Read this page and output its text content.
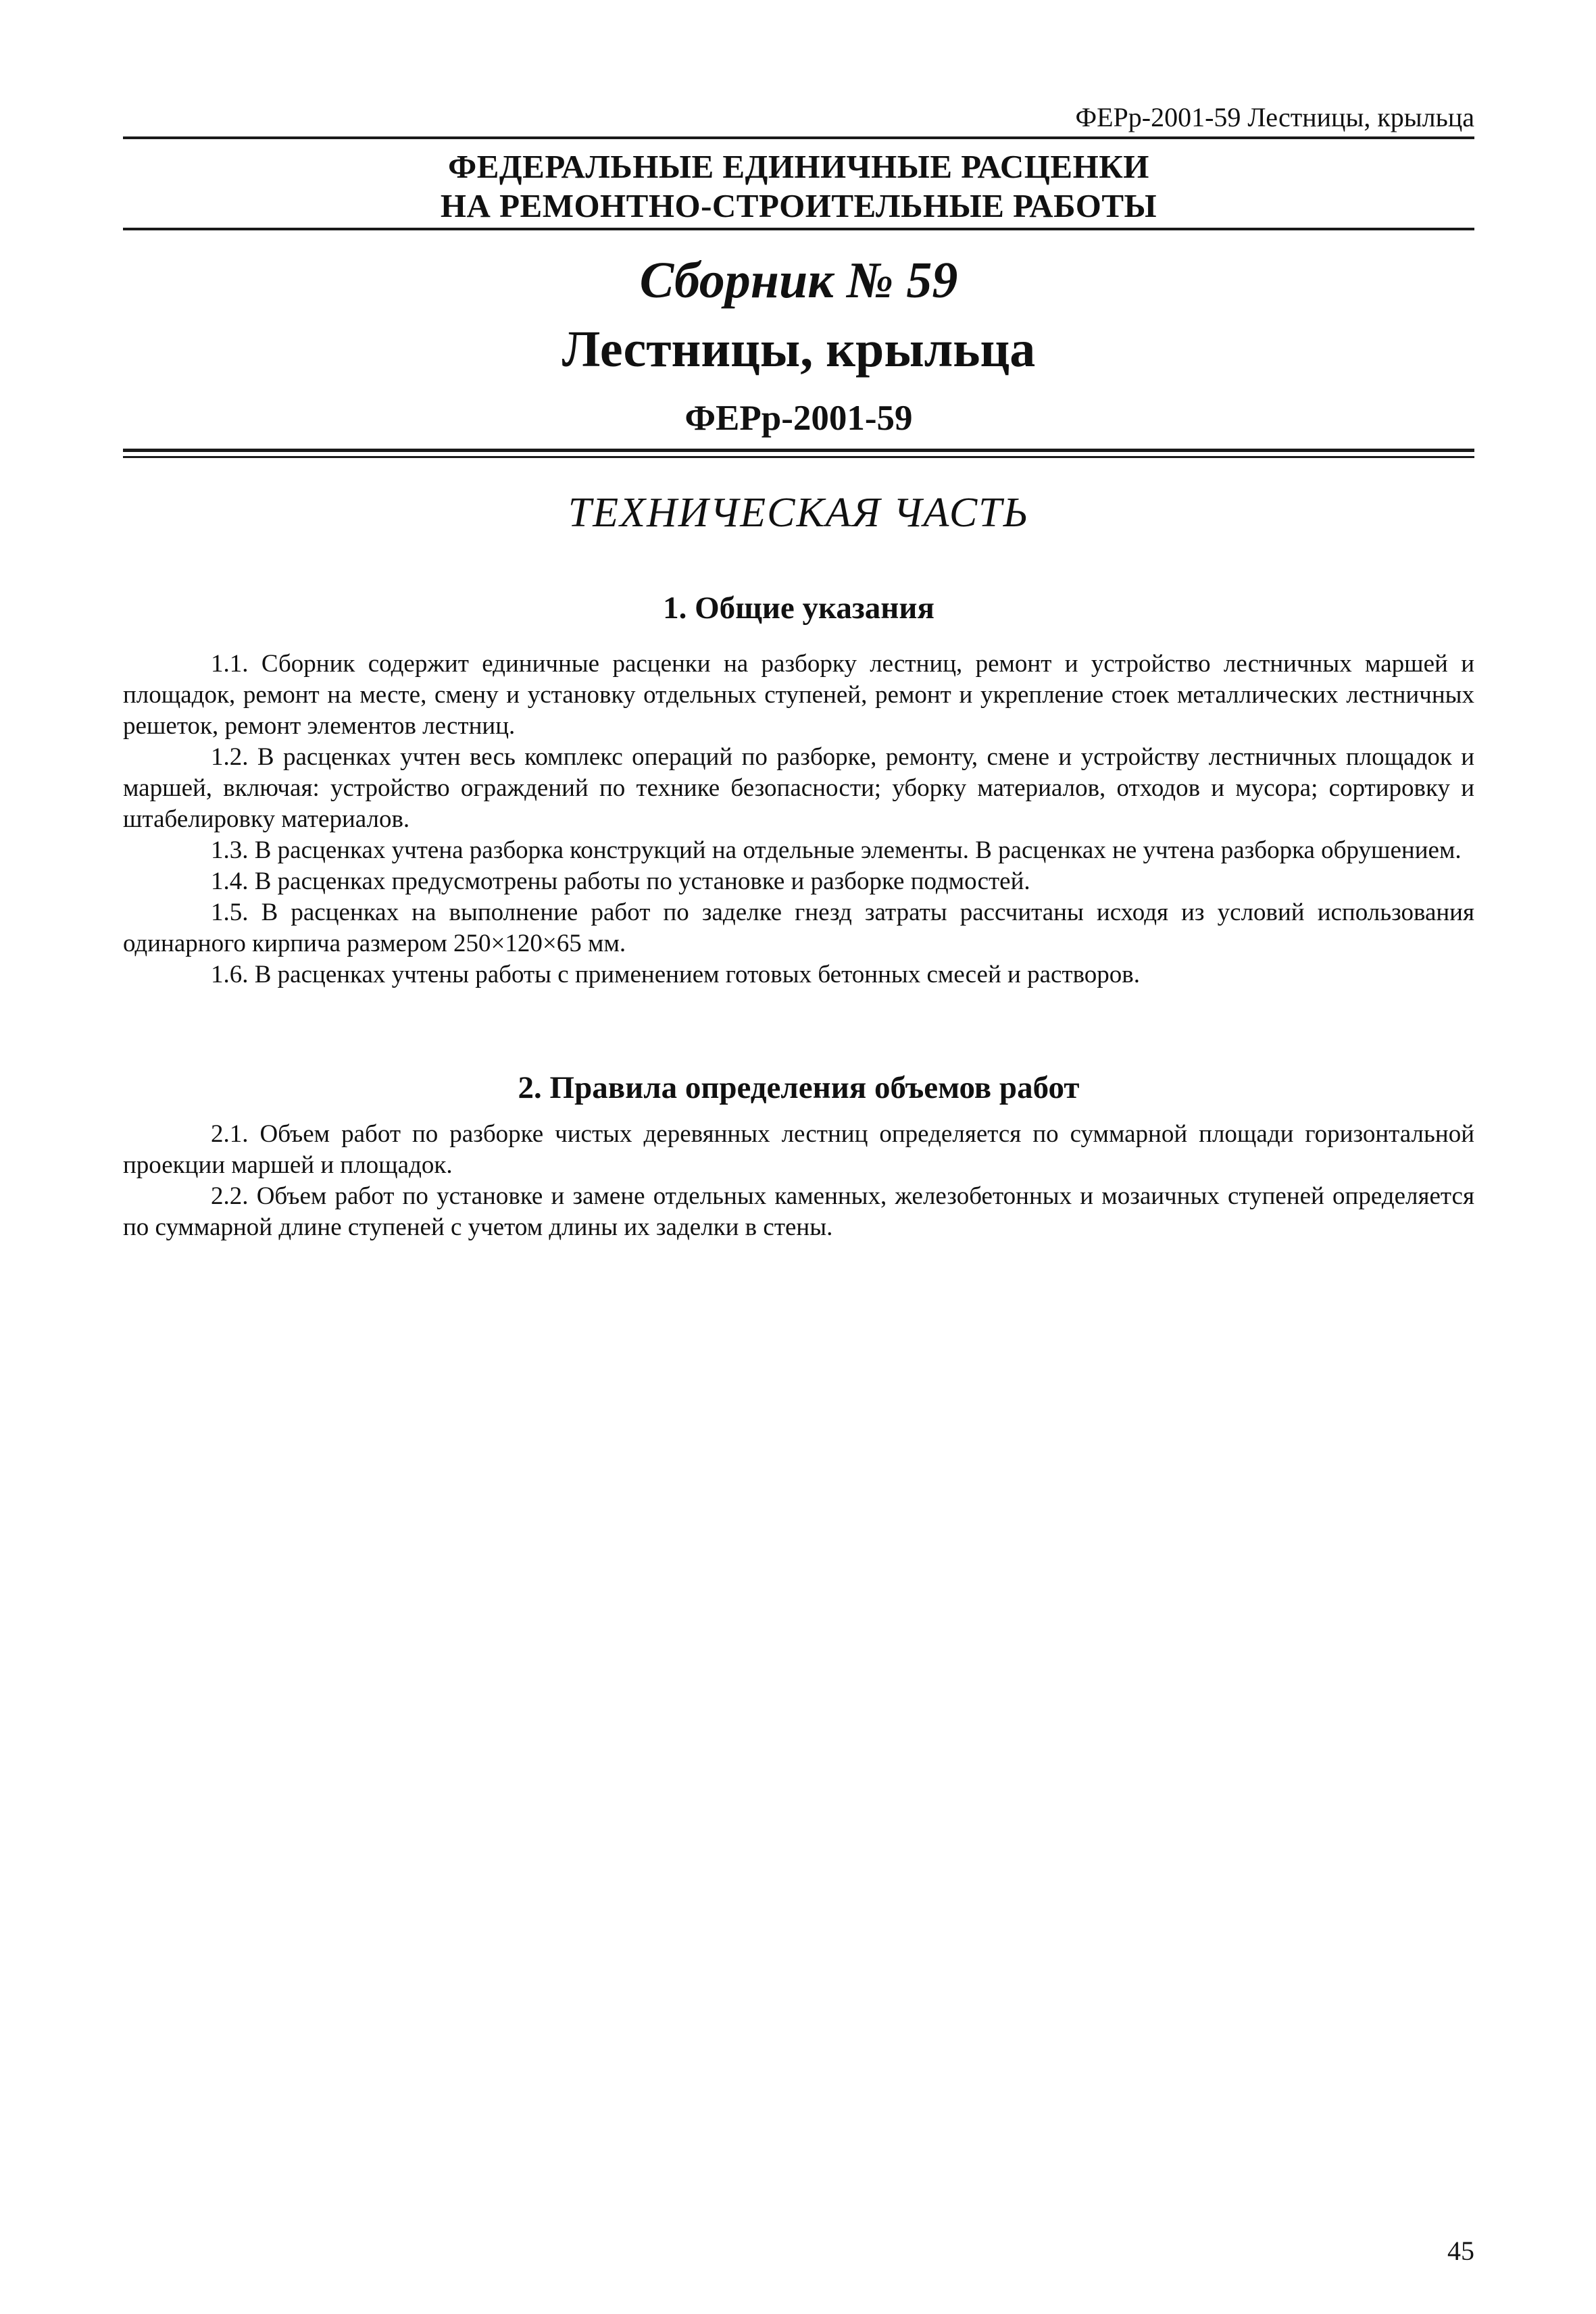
ФЕРр-2001-59 Лестницы, крыльца
ФЕДЕРАЛЬНЫЕ ЕДИНИЧНЫЕ РАСЦЕНКИ
НА РЕМОНТНО-СТРОИТЕЛЬНЫЕ РАБОТЫ
Сборник № 59
Лестницы, крыльца
ФЕРр-2001-59
ТЕХНИЧЕСКАЯ ЧАСТЬ
1. Общие указания

1.1. Сборник содержит единичные расценки на разборку лестниц, ремонт и устройство лестничных маршей и площадок, ремонт на месте, смену и установку отдельных ступеней, ремонт и укрепление стоек металлических лестничных решеток, ремонт элементов лестниц.

1.2. В расценках учтен весь комплекс операций по разборке, ремонту, смене и устройству лестничных площадок и маршей, включая: устройство ограждений по технике безопасности; уборку материалов, отходов и мусора; сортировку и штабелировку материалов.

1.3. В расценках учтена разборка конструкций на отдельные элементы. В расценках не учтена разборка обрушением.

1.4. В расценках предусмотрены работы по установке и разборке подмостей.

1.5. В расценках на выполнение работ по заделке гнезд затраты рассчитаны исходя из условий использования одинарного кирпича размером 250×120×65 мм.

1.6. В расценках учтены работы с применением готовых бетонных смесей и растворов.

2. Правила определения объемов работ

2.1. Объем работ по разборке чистых деревянных лестниц определяется по суммарной площади горизонтальной проекции маршей и площадок.

2.2. Объем работ по установке и замене отдельных каменных, железобетонных и мозаичных ступеней определяется по суммарной длине ступеней с учетом длины их заделки в стены.

45
